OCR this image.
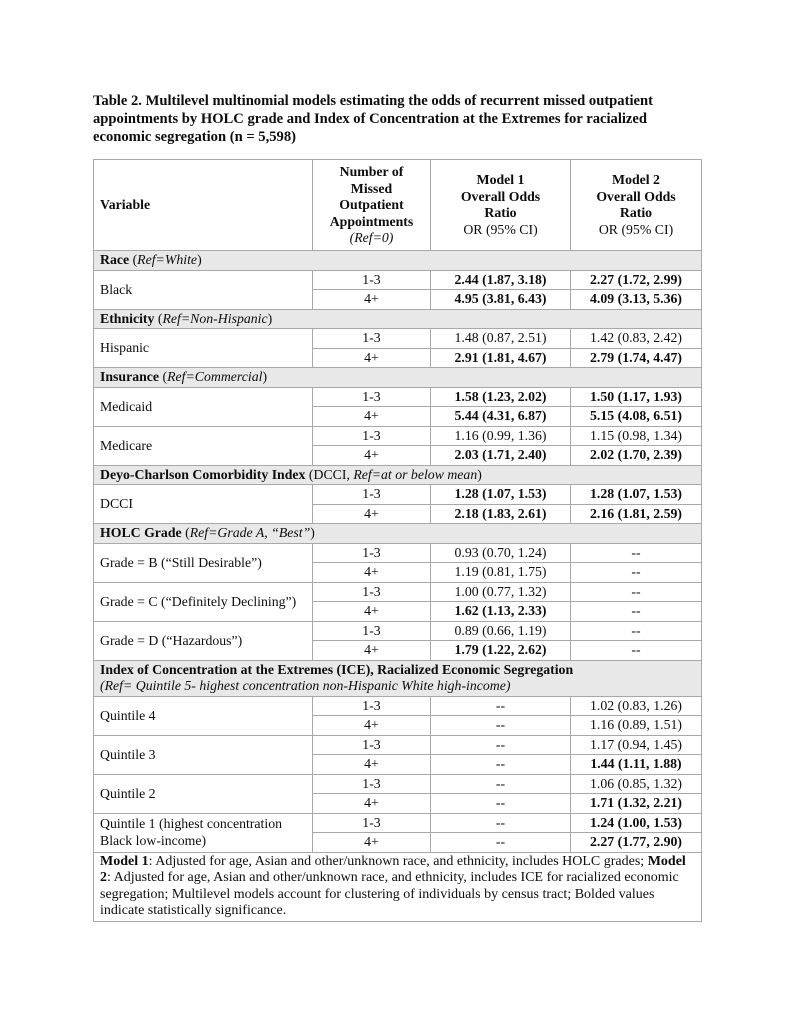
Table 2. Multilevel multinomial models estimating the odds of recurrent missed outpatient appointments by HOLC grade and Index of Concentration at the Extremes for racialized economic segregation (n = 5,598)

Variable	
Number of
Missed
Outpatient
Appointments
(Ref=0)

Model 1
Overall Odds
Ratio
OR (95% CI)

Model 2
Overall Odds
Ratio
OR (95% CI)

Race (Ref=White)			
Black	1-3	2.44 (1.87, 3.18)	2.27 (1.72, 2.99)
	4+	4.95 (3.81, 6.43)	4.09 (3.13, 5.36)
Ethnicity (Ref=Non-Hispanic)			
Hispanic	1-3	1.48 (0.87, 2.51)	1.42 (0.83, 2.42)
	4+	2.91 (1.81, 4.67)	2.79 (1.74, 4.47)
Insurance (Ref=Commercial)			
Medicaid	1-3	1.58 (1.23, 2.02)	1.50 (1.17, 1.93)
	4+	5.44 (4.31, 6.87)	5.15 (4.08, 6.51)
Medicare	1-3	1.16 (0.99, 1.36)	1.15 (0.98, 1.34)
	4+	2.03 (1.71, 2.40)	2.02 (1.70, 2.39)
Deyo-Charlson Comorbidity Index (DCCI, Ref=at or below mean)			
DCCI	1-3	1.28 (1.07, 1.53)	1.28 (1.07, 1.53)
	4+	2.18 (1.83, 2.61)	2.16 (1.81, 2.59)
HOLC Grade (Ref=Grade A, “Best”)			
Grade = B (“Still Desirable”)	1-3	0.93 (0.70, 1.24)	--
	4+	1.19 (0.81, 1.75)	--
Grade = C (“Definitely Declining”)	1-3	1.00 (0.77, 1.32)	--
	4+	1.62 (1.13, 2.33)	--
Grade = D (“Hazardous”)	1-3	0.89 (0.66, 1.19)	--
	4+	1.79 (1.22, 2.62)	--
Index of Concentration at the Extremes (ICE), Racialized Economic Segregation
(Ref= Quintile 5- highest concentration non-Hispanic White high-income)			
Quintile 4	1-3	--	1.02 (0.83, 1.26)
	4+	--	1.16 (0.89, 1.51)
Quintile 3	1-3	--	1.17 (0.94, 1.45)
	4+	--	1.44 (1.11, 1.88)
Quintile 2	1-3	--	1.06 (0.85, 1.32)
	4+	--	1.71 (1.32, 2.21)
Quintile 1 (highest concentration Black low-income)	1-3	--	1.24 (1.00, 1.53)
	4+	--	2.27 (1.77, 2.90)
Model 1: Adjusted for age, Asian and other/unknown race, and ethnicity, includes HOLC grades; Model 2: Adjusted for age, Asian and other/unknown race, and ethnicity, includes ICE for racialized economic segregation; Multilevel models account for clustering of individuals by census tract; Bolded values indicate statistically significance.			
